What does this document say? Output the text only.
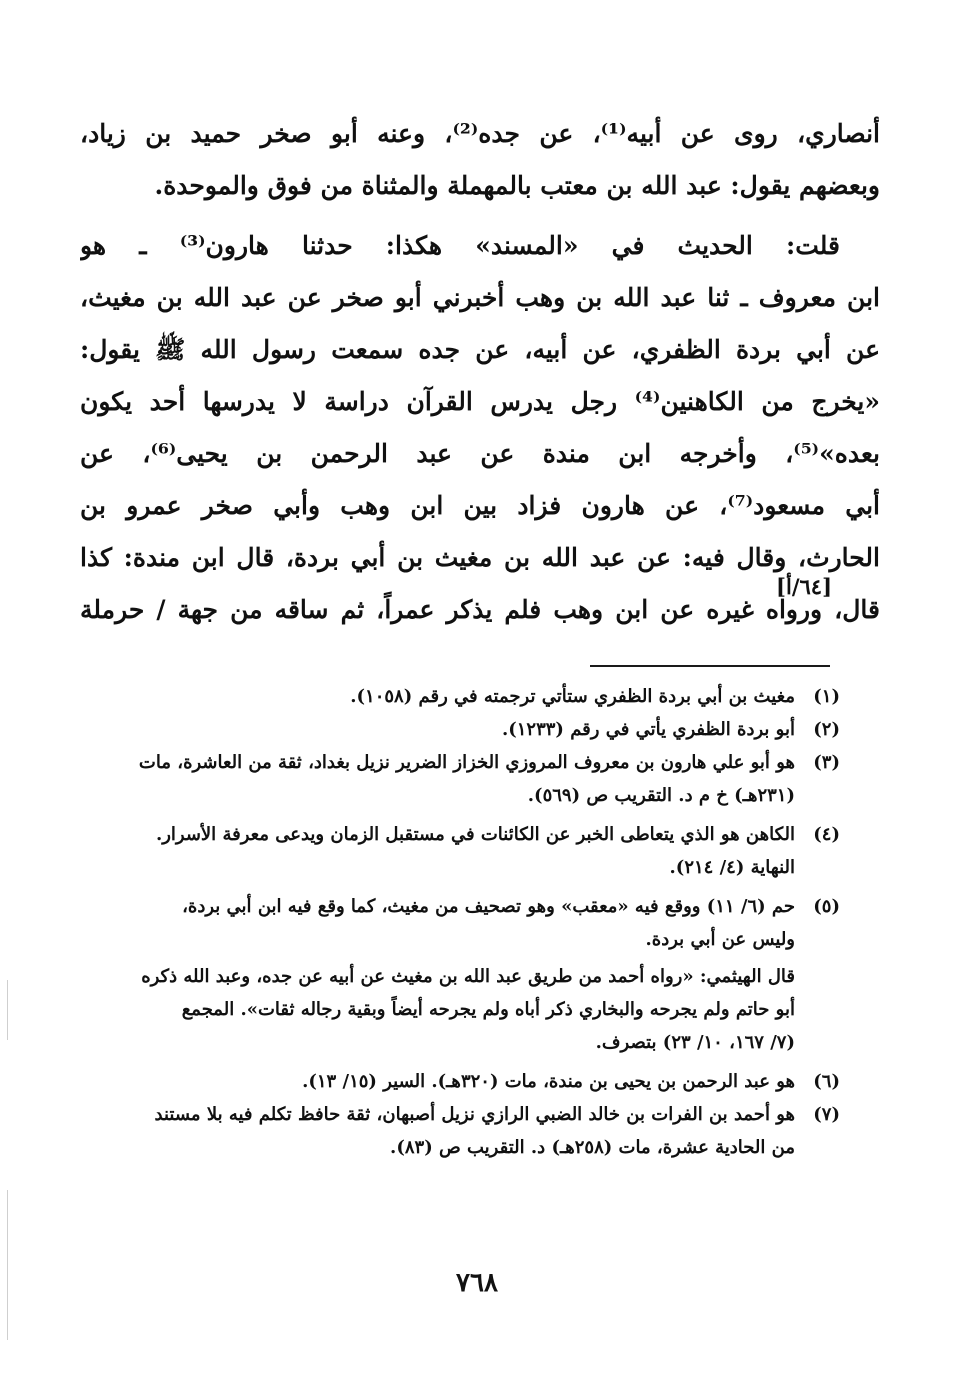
أنصاري، روى عن أبيه⁽¹⁾، عن جده⁽²⁾، وعنه أبو صخر حميد بن زياد،
وبعضهم يقول: عبد الله بن معتب بالمهملة والمثناة من فوق والموحدة.
قلت: الحديث في «المسند» هكذا: حدثنا هارون⁽³⁾ ـ هو
ابن معروف ـ ثنا عبد الله بن وهب أخبرني أبو صخر عن عبد الله بن مغيث،
عن أبي بردة الظفري، عن أبيه، عن جده سمعت رسول الله ﷺ يقول:
«يخرج من الكاهنين⁽⁴⁾ رجل يدرس القرآن دراسة لا يدرسها أحد يكون
بعده»⁽⁵⁾، وأخرجه ابن مندة عن عبد الرحمن بن يحيى⁽⁶⁾، عن
أبي مسعود⁽⁷⁾، عن هارون فزاد بين ابن وهب وأبي صخر عمرو بن
الحارث، وقال فيه: عن عبد الله بن مغيث بن أبي بردة، قال ابن مندة: كذا
قال، ورواه غيره عن ابن وهب فلم يذكر عمراً، ثم ساقه من جهة / حرملة
[٦٤/أ]
(١)
مغيث بن أبي بردة الظفري ستأتي ترجمته في رقم (١٠٥٨).
(٢)
أبو بردة الظفري يأتي في رقم (١٢٣٣).
(٣)
هو أبو علي هارون بن معروف المروزي الخزاز الضرير نزيل بغداد، ثقة من العاشرة، مات
(٢٣١هـ) خ م د. التقريب ص (٥٦٩).
(٤)
الكاهن هو الذي يتعاطى الخبر عن الكائنات في مستقبل الزمان ويدعى معرفة الأسرار.
النهاية (٤/ ٢١٤).
(٥)
حم (٦/ ١١) ووقع فيه «معقب» وهو تصحيف من مغيث، كما وقع فيه ابن أبي بردة،
وليس عن أبي بردة.
قال الهيثمي: «رواه أحمد من طريق عبد الله بن مغيث عن أبيه عن جده، وعبد الله ذكره
أبو حاتم ولم يجرحه والبخاري ذكر أباه ولم يجرحه أيضاً وبقية رجاله ثقات». المجمع
(٧/ ١٦٧، ١٠/ ٢٣) بتصرف.
(٦)
هو عبد الرحمن بن يحيى بن مندة، مات (٣٢٠هـ). السير (١٥/ ١٣).
(٧)
هو أحمد بن الفرات بن خالد الضبي الرازي نزيل أصبهان، ثقة حافظ تكلم فيه بلا مستند
من الحادية عشرة، مات (٢٥٨هـ) د. التقريب ص (٨٣).
٧٦٨
